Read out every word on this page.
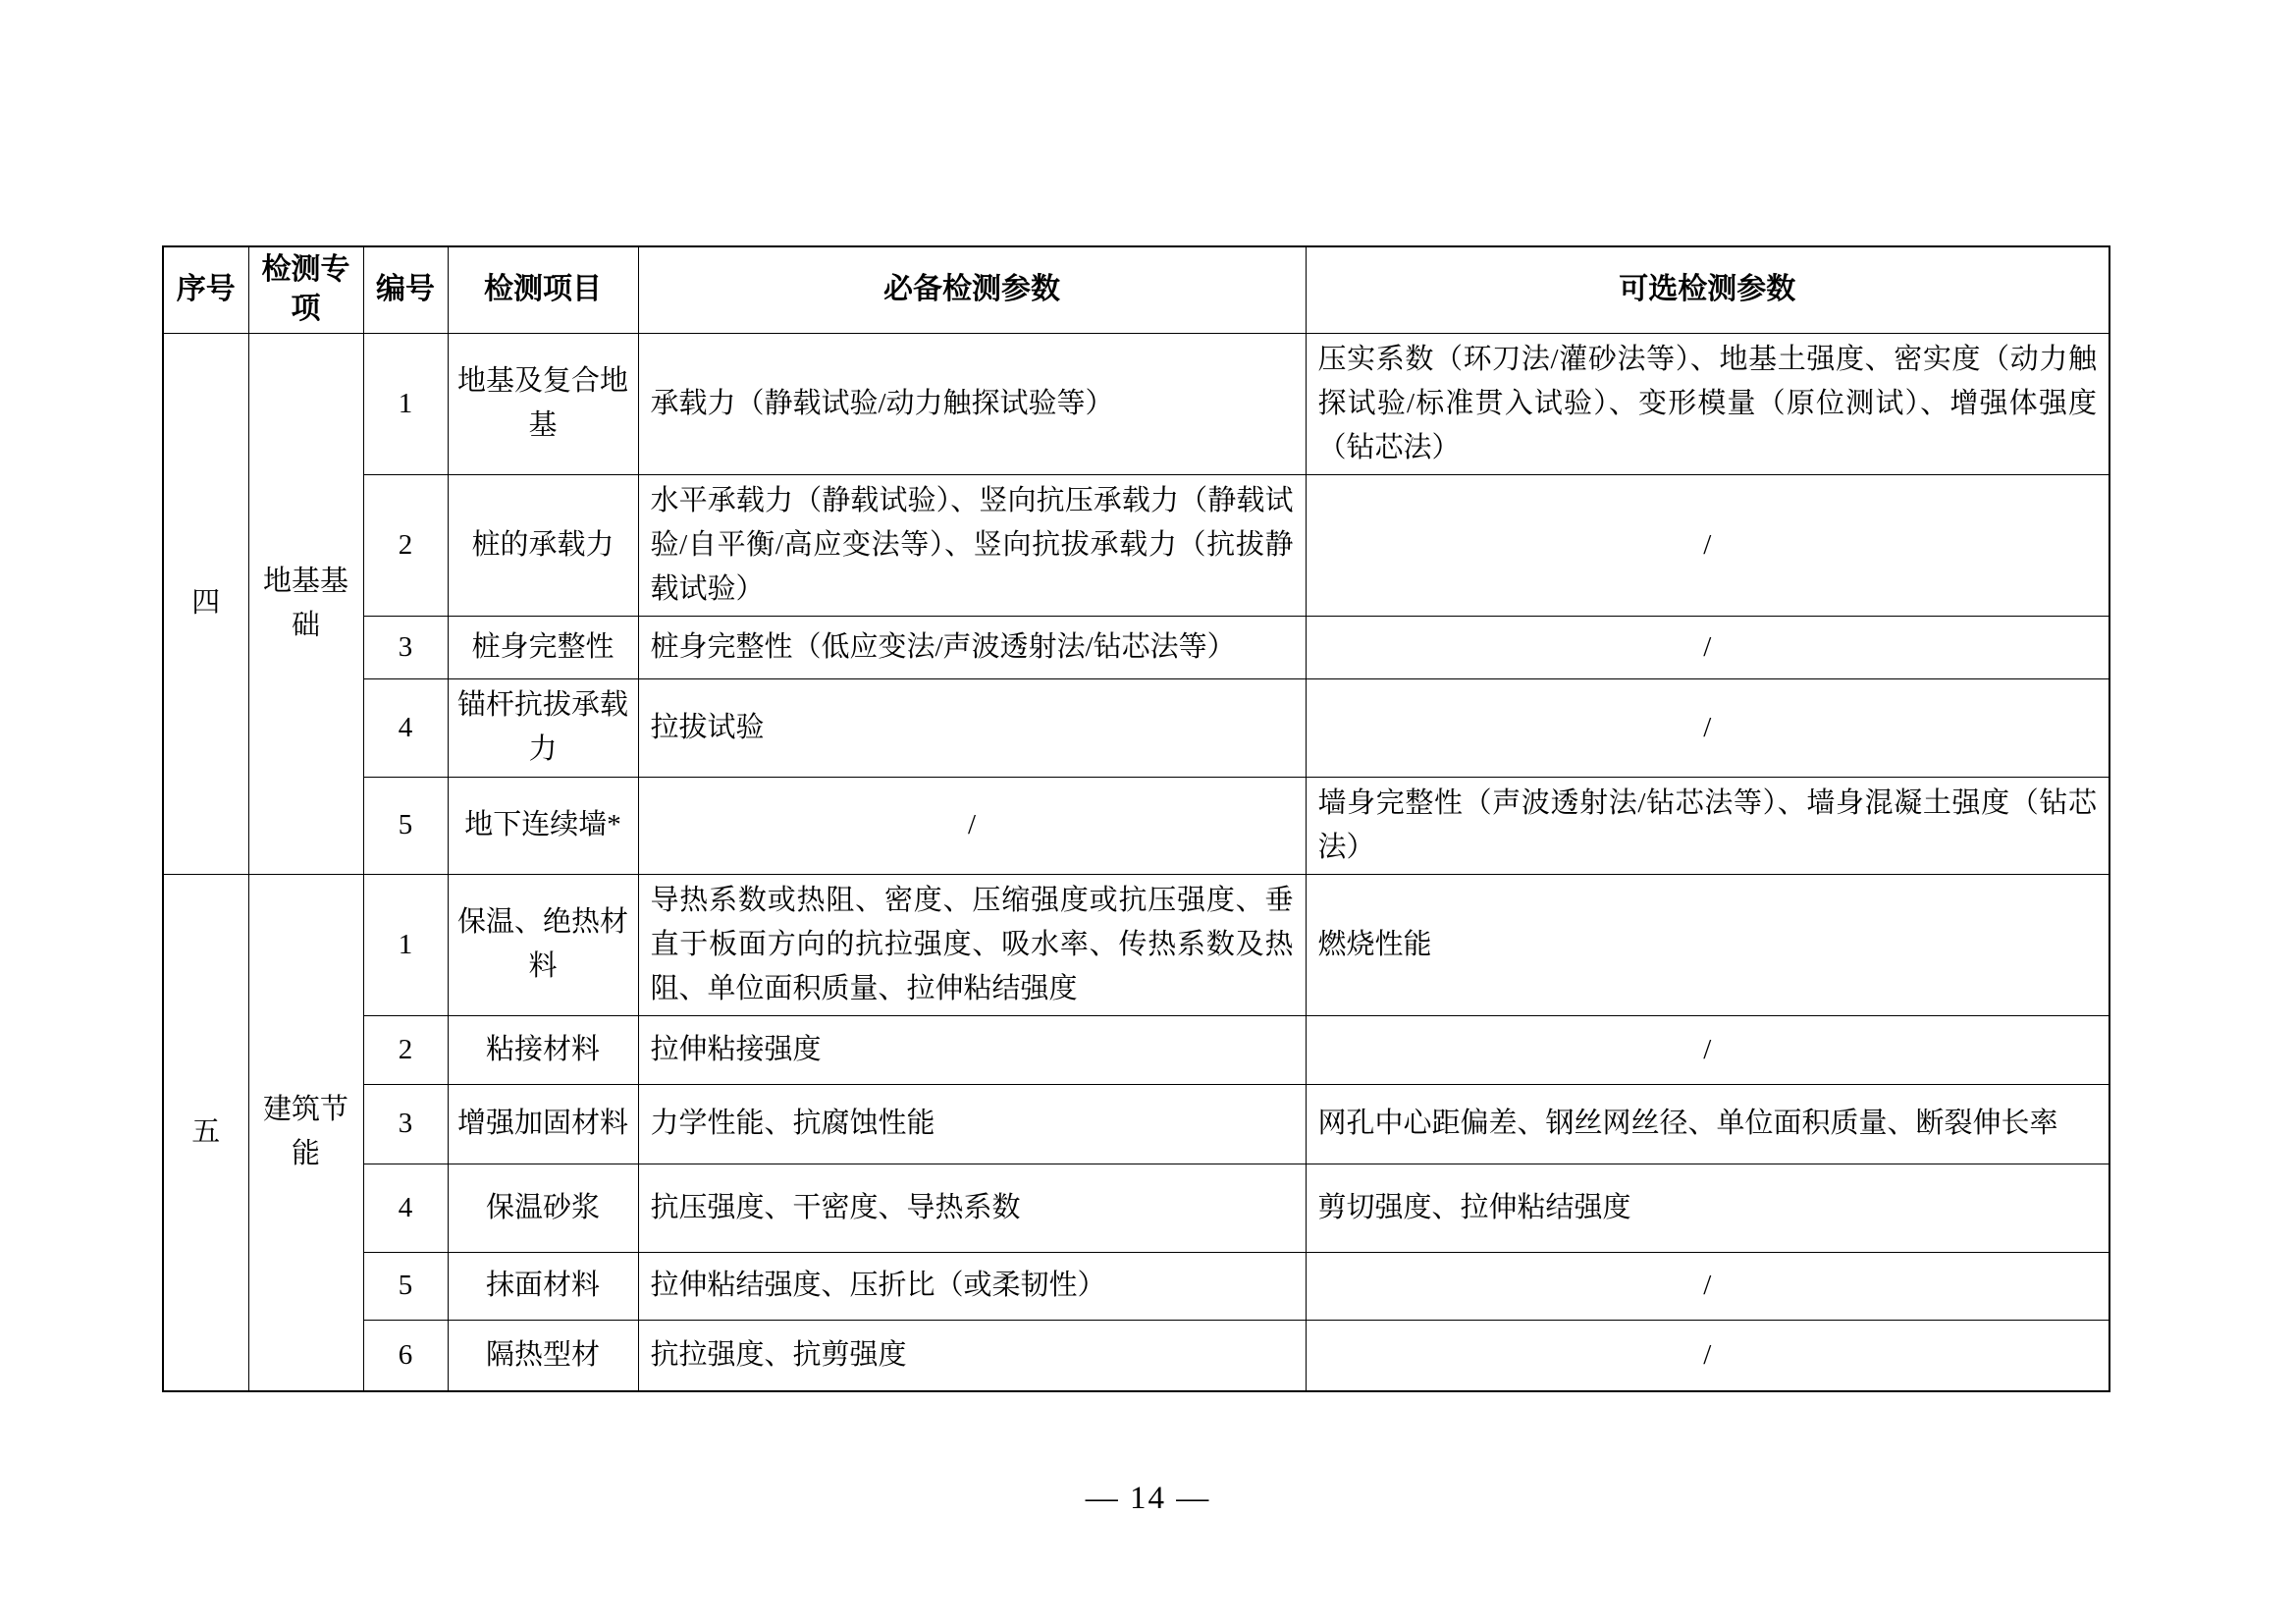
序号	检测专项	编号	检测项目	必备检测参数	可选检测参数
四	地基基础	1	地基及复合地基	承载力（静载试验/动力触探试验等）	压实系数（环刀法/灌砂法等）、地基土强度、密实度（动力触探试验/标准贯入试验）、变形模量（原位测试）、增强体强度（钻芯法）
		2	桩的承载力	水平承载力（静载试验）、竖向抗压承载力（静载试验/自平衡/高应变法等）、竖向抗拔承载力（抗拔静载试验）	/
		3	桩身完整性	桩身完整性（低应变法/声波透射法/钻芯法等）	/
		4	锚杆抗拔承载力	拉拔试验	/
		5	地下连续墙*	/	墙身完整性（声波透射法/钻芯法等）、墙身混凝土强度（钻芯法）
五	建筑节能	1	保温、绝热材料	导热系数或热阻、密度、压缩强度或抗压强度、垂直于板面方向的抗拉强度、吸水率、传热系数及热阻、单位面积质量、拉伸粘结强度	燃烧性能
		2	粘接材料	拉伸粘接强度	/
		3	增强加固材料	力学性能、抗腐蚀性能	网孔中心距偏差、钢丝网丝径、单位面积质量、断裂伸长率
		4	保温砂浆	抗压强度、干密度、导热系数	剪切强度、拉伸粘结强度
		5	抹面材料	拉伸粘结强度、压折比（或柔韧性）	/
		6	隔热型材	抗拉强度、抗剪强度	/
— 14 —
